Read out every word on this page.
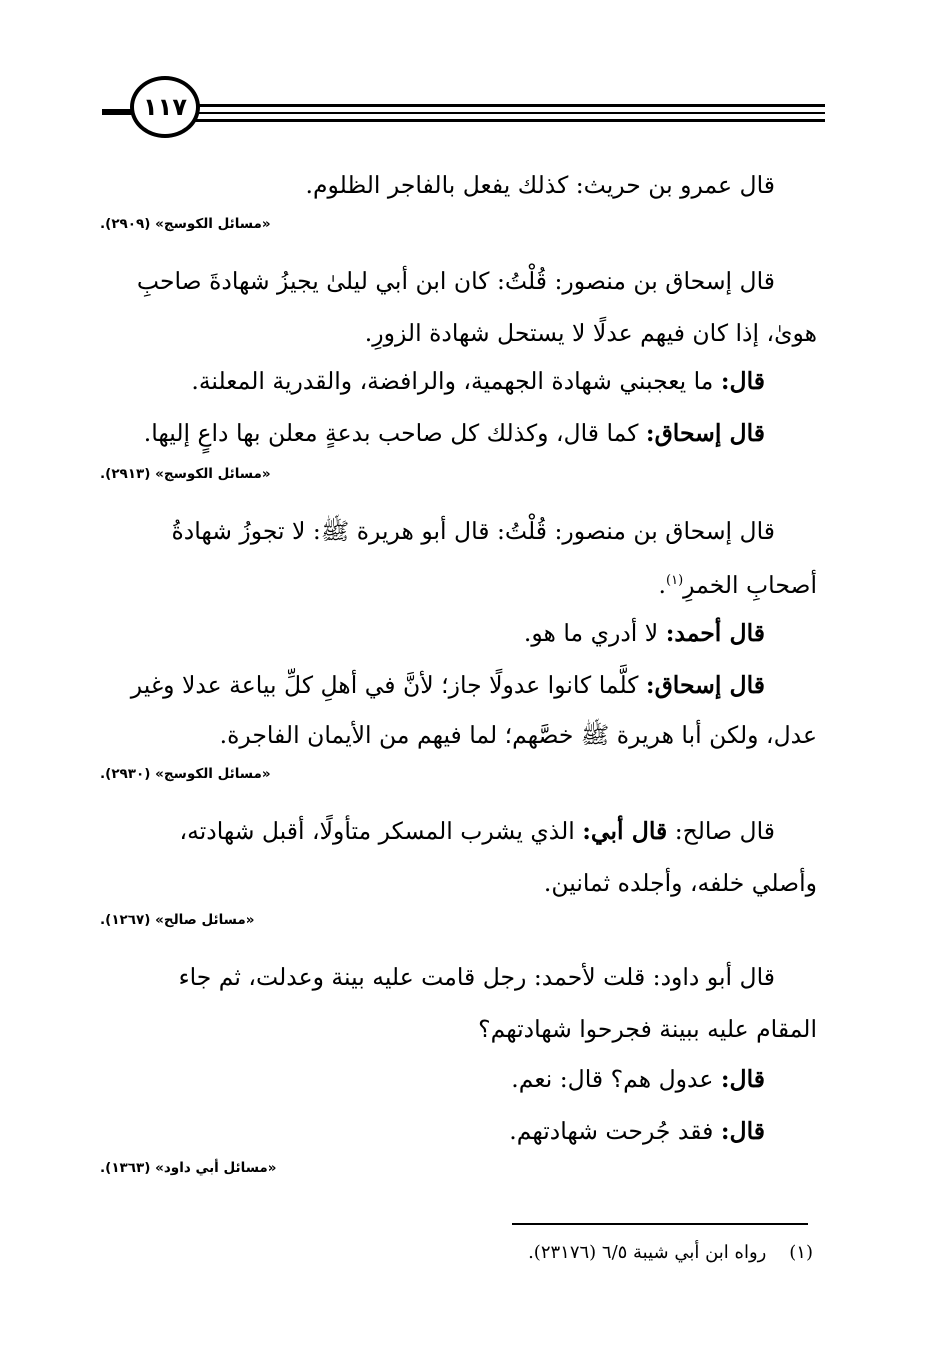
١١٧
قال عمرو بن حريث: كذلك يفعل بالفاجر الظلوم.
«مسائل الكوسج» (٢٩٠٩).
قال إسحاق بن منصور: قُلْتُ: كان ابن أبي ليلىٰ يجيزُ شهادةَ صاحبِ
هوىٰ، إذا كان فيهم عدلًا لا يستحل شهادة الزورِ.
قال: ما يعجبني شهادة الجهمية، والرافضة، والقدرية المعلنة.
قال إسحاق: كما قال، وكذلك كل صاحب بدعةٍ معلن بها داعٍ إليها.
«مسائل الكوسج» (٢٩١٣).
قال إسحاق بن منصور: قُلْتُ: قال أبو هريرة ﷺ: لا تجوزُ شهادةُ
أصحابِ الخمرِ$^{(١)}$.
قال أحمد: لا أدري ما هو.
قال إسحاق: كلَّما كانوا عدولًا جاز؛ لأنَّ في أهلِ كلِّ بياعة عدلا وغير
عدل، ولكن أبا هريرة ﷺ خصَّهم؛ لما فيهم من الأيمان الفاجرة.
«مسائل الكوسج» (٢٩٣٠).
قال صالح: قال أبي: الذي يشرب المسكر متأولًا، أقبل شهادته،
وأصلي خلفه، وأجلده ثمانين.
«مسائل صالح» (١٢٦٧).
قال أبو داود: قلت لأحمد: رجل قامت عليه بينة وعدلت، ثم جاء
المقام عليه ببينة فجرحوا شهادتهم؟
قال: عدول هم؟ قال: نعم.
قال: فقد جُرحت شهادتهم.
«مسائل أبي داود» (١٣٦٣).
(١)    رواه ابن أبي شيبة ٦/٥ (٢٣١٧٦).
